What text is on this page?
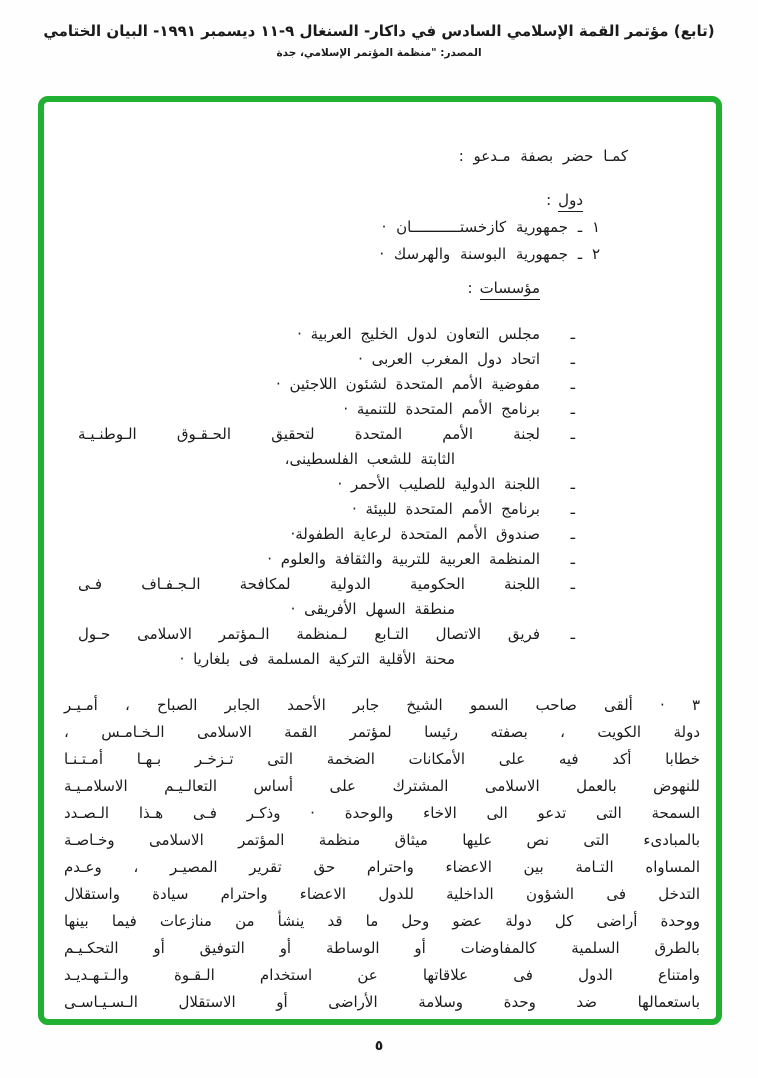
(تابع) مؤتمر القمة الإسلامي السادس في داكار- السنغال ٩-١١ ديسمبر ١٩٩١- البيان الختامي
المصدر: "منظمة المؤتمر الإسلامي، جدة
كمـا حضر بصفة مـدعو :
دول:
١ ـ جمهورية كازخستـــــــــــان ·
٢ ـ جمهورية البوسنة والهرسك ·
مؤسسات:
ـ
مجلس التعاون لدول الخليج العربية ·
ـ
اتحاد دول المغرب العربى ·
ـ
مفوضية الأمم المتحدة لشئون اللاجئين ·
ـ
برنامج الأمم المتحدة للتنمية ·
ـ
لجنة الأمم المتحدة لتحقيق الحـقـوق الـوطنـيـة
الثابتة للشعب الفلسطينى،
ـ
اللجنة الدولية للصليب الأحمر ·
ـ
برنامج الأمم المتحدة للبيئة ·
ـ
صندوق الأمم المتحدة لرعاية الطفولة·
ـ
المنظمة العربية للتربية والثقافة والعلوم ·
ـ
اللجنة الحكومية الدولية لمكافحة الـجـفـاف فـى
منطقة السهل الأفريقى ·
ـ
فريق الاتصال التـابع لـمنظمة الـمؤتمر الاسلامى حـول
محنة الأقلية التركية المسلمة فى بلغاريا ·
٣ · ألقى صاحب السمو الشيخ جابر الأحمد الجابر الصباح ، أمـيـر
دولة الكويت ، بصفته رئيسا لمؤتمر القمة الاسلامى الـخـامـس ،
خطابا أكد فيه على الأمكانات الضخمة التى تـزخـر بـهـا أمـتـنـا
للنهوض بالعمل الاسلامى المشترك على أساس التعالـيـم الاسلامـيـة
السمحة التى تدعو الى الاخاء والوحدة · وذكـر فـى هـذا الـصـدد
بالمبادىء التى نص عليها ميثاق منظمة المؤتمر الاسلامى وخـاصـة
المساواه التـامة بين الاعضاء واحترام حق تقرير المصيـر ، وعـدم
التدخل فى الشؤون الداخلية للدول الاعضاء واحترام سيادة واستقلال
ووحدة أراضى كل دولة عضو وحل ما قد ينشأ من منازعات فيما بينها
بالطرق السلمية كالمفاوضات أو الوساطة أو التوفيق أو التحكـيـم
وامتناع الدول فى علاقاتها عن استخدام الـقـوة والـتـهـديـد
باستعمالها ضد وحدة وسلامة الأراضى أو الاستقلال الـسـيـاسـى
٥
